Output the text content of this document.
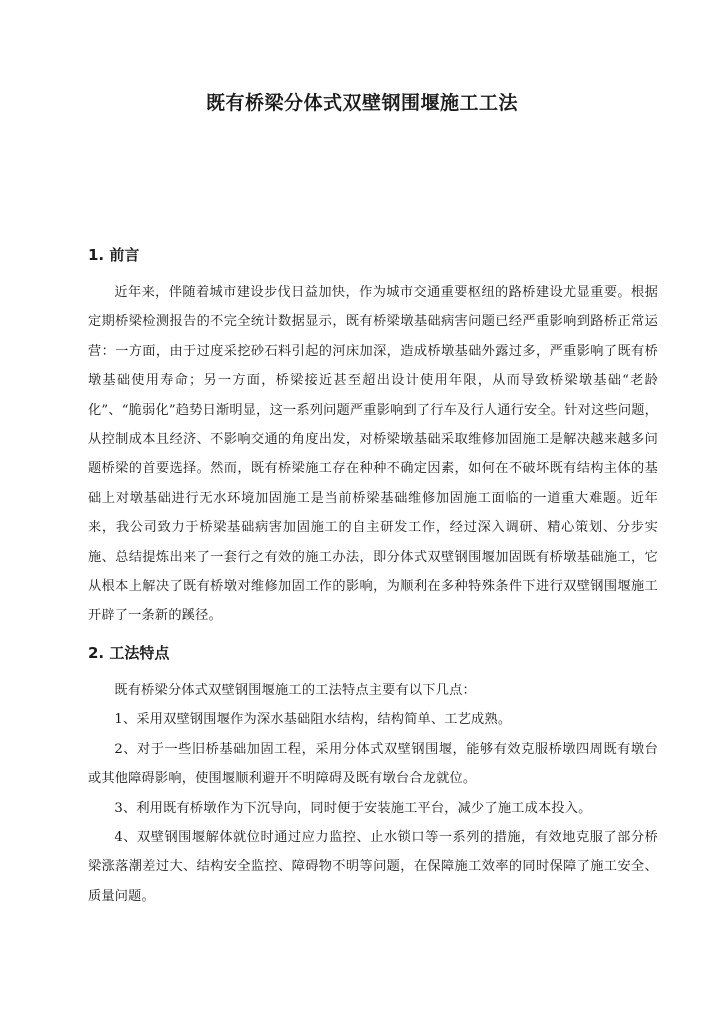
既有桥梁分体式双壁钢围堰施工工法
1. 前言

近年来，伴随着城市建设步伐日益加快，作为城市交通重要枢纽的路桥建设尤显重要。根据定期桥梁检测报告的不完全统计数据显示，既有桥梁墩基础病害问题已经严重影响到路桥正常运营：一方面，由于过度采挖砂石料引起的河床加深，造成桥墩基础外露过多，严重影响了既有桥墩基础使用寿命；另一方面，桥梁接近甚至超出设计使用年限，从而导致桥梁墩基础“老龄化”、“脆弱化”趋势日渐明显，这一系列问题严重影响到了行车及行人通行安全。针对这些问题，从控制成本且经济、不影响交通的角度出发，对桥梁墩基础采取维修加固施工是解决越来越多问题桥梁的首要选择。然而，既有桥梁施工存在种种不确定因素，如何在不破坏既有结构主体的基础上对墩基础进行无水环境加固施工是当前桥梁基础维修加固施工面临的一道重大难题。近年来，我公司致力于桥梁基础病害加固施工的自主研发工作，经过深入调研、精心策划、分步实施、总结提炼出来了一套行之有效的施工办法，即分体式双壁钢围堰加固既有桥墩基础施工，它从根本上解决了既有桥墩对维修加固工作的影响，为顺利在多种特殊条件下进行双壁钢围堰施工开辟了一条新的蹊径。

2. 工法特点

既有桥梁分体式双壁钢围堰施工的工法特点主要有以下几点：

1、采用双壁钢围堰作为深水基础阻水结构，结构简单、工艺成熟。

2、对于一些旧桥基础加固工程，采用分体式双壁钢围堰，能够有效克服桥墩四周既有墩台或其他障碍影响，使围堰顺利避开不明障碍及既有墩台合龙就位。

3、利用既有桥墩作为下沉导向，同时便于安装施工平台，减少了施工成本投入。

4、双壁钢围堰解体就位时通过应力监控、止水锁口等一系列的措施，有效地克服了部分桥梁涨落潮差过大、结构安全监控、障碍物不明等问题，在保障施工效率的同时保障了施工安全、质量问题。
